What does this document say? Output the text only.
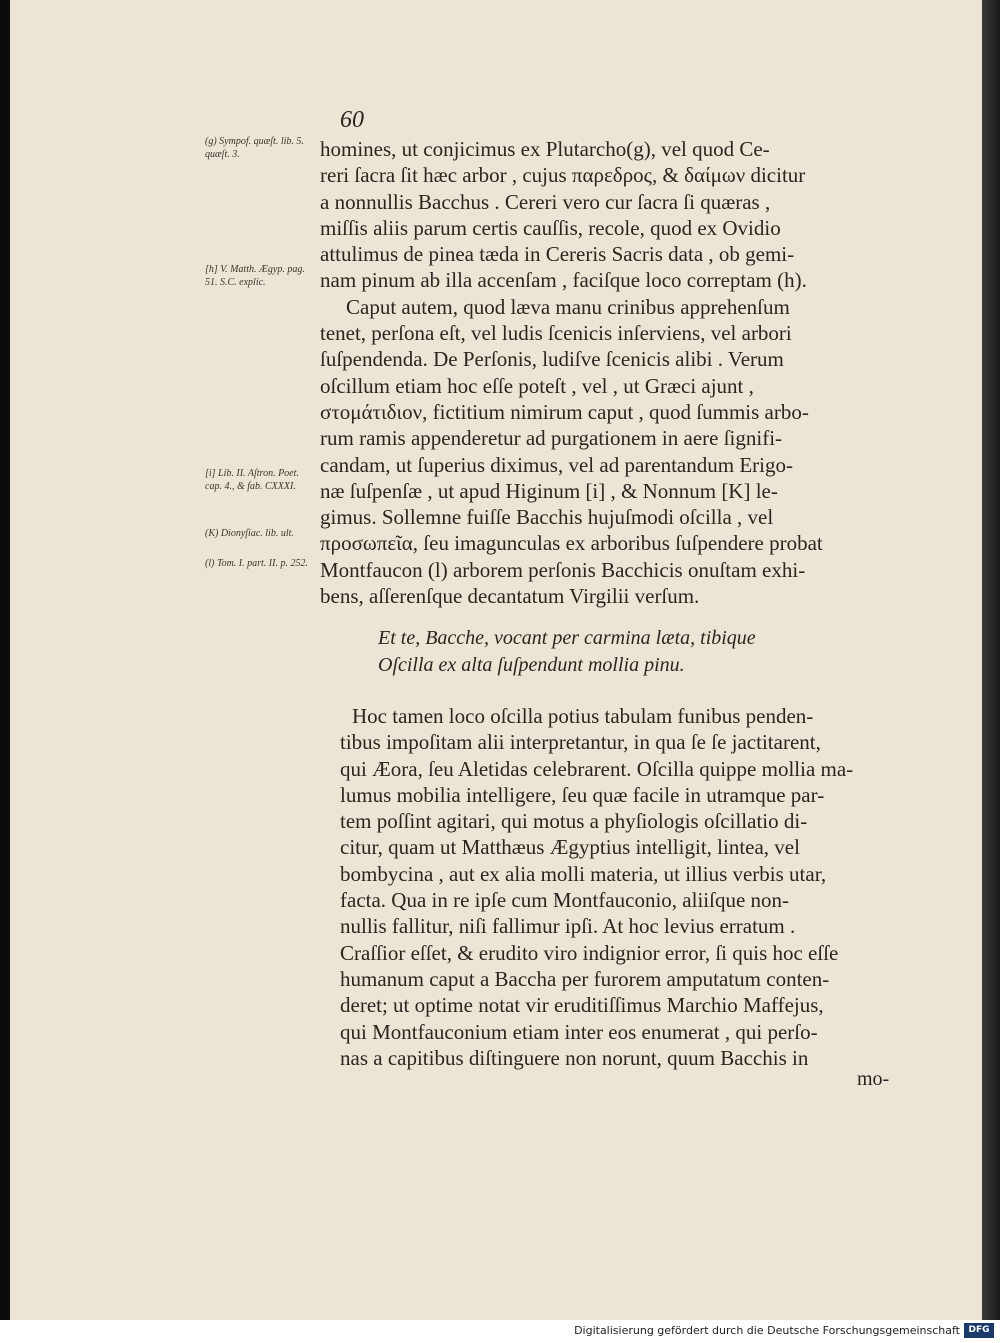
60
(g) Sympof. quæſt. lib. 5. quæſt. 3.
[h] V. Matth. Ægyp. pag. 51. S.C. explic.
[i] Lib. II. Aſtron. Poet. cap. 4., & fab. CXXXI.
(K) Dionyſiac. lib. ult.
(l) Tom. I. part. II. p. 252.
homines, ut conjicimus ex Plutarcho(g), vel quod Ce-
reri ſacra ſit hæc arbor , cujus παρεδρος, & δαίμων dicitur
a nonnullis Bacchus . Cereri vero cur ſacra ſi quæras ,
miſſis aliis parum certis cauſſis, recole, quod ex Ovidio
attulimus de pinea tæda in Cereris Sacris data , ob gemi-
nam pinum ab illa accenſam , faciſque loco correptam (h).
Caput autem, quod læva manu crinibus apprehenſum
tenet, perſona eſt, vel ludis ſcenicis inſerviens, vel arbori
ſuſpendenda. De Perſonis, ludiſve ſcenicis alibi . Verum
oſcillum etiam hoc eſſe poteſt , vel , ut Græci ajunt ,
στομάτιδιον, fictitium nimirum caput , quod ſummis arbo-
rum ramis appenderetur ad purgationem in aere ſignifi-
candam, ut ſuperius diximus, vel ad parentandum Erigo-
næ ſuſpenſæ , ut apud Higinum [i] , & Nonnum [K] le-
gimus. Sollemne fuiſſe Bacchis hujuſmodi oſcilla , vel
προσωπεῖα, ſeu imagunculas ex arboribus ſuſpendere probat
Montfaucon (l) arborem perſonis Bacchicis onuſtam exhi-
bens, aſſerenſque decantatum Virgilii verſum.
Et te, Bacche, vocant per carmina læta, tibique
Oſcilla ex alta ſuſpendunt mollia pinu.
Hoc tamen loco oſcilla potius tabulam funibus penden-
tibus impoſitam alii interpretantur, in qua ſe ſe jactitarent,
qui Æora, ſeu Aletidas celebrarent. Oſcilla quippe mollia ma-
lumus mobilia intelligere, ſeu quæ facile in utramque par-
tem poſſint agitari, qui motus a phyſiologis oſcillatio di-
citur, quam ut Matthæus Ægyptius intelligit, lintea, vel
bombycina , aut ex alia molli materia, ut illius verbis utar,
facta. Qua in re ipſe cum Montfauconio, aliiſque non-
nullis fallitur, niſi fallimur ipſi. At hoc levius erratum .
Craſſior eſſet, & erudito viro indignior error, ſi quis hoc eſſe
humanum caput a Baccha per furorem amputatum conten-
deret; ut optime notat vir eruditiſſimus Marchio Maffejus,
qui Montfauconium etiam inter eos enumerat , qui perſo-
nas a capitibus diſtinguere non norunt, quum Bacchis in
mo-
Digitalisierung gefördert durch die Deutsche Forschungsgemeinschaft DFG
